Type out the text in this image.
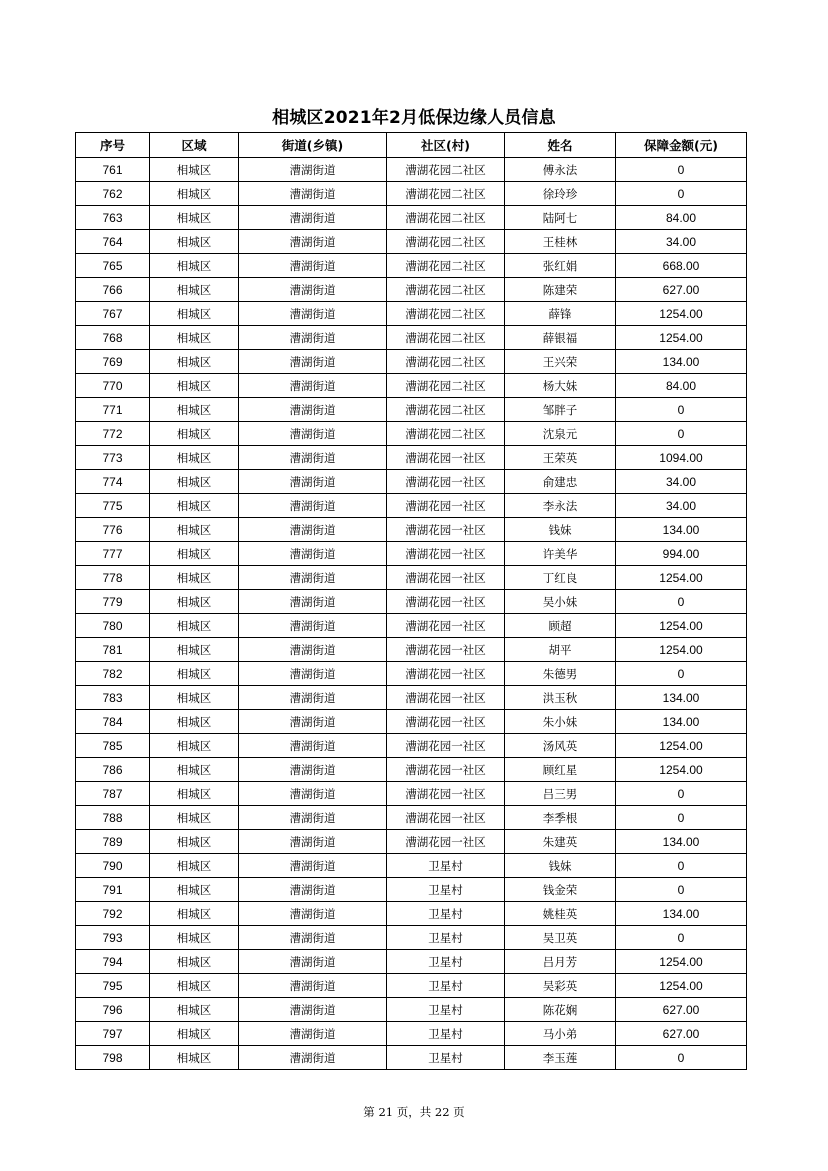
相城区2021年2月低保边缘人员信息
序号	区域	街道(乡镇)	社区(村)	姓名	保障金额(元)
761	相城区	漕湖街道	漕湖花园二社区	傅永法	0
762	相城区	漕湖街道	漕湖花园二社区	徐玲珍	0
763	相城区	漕湖街道	漕湖花园二社区	陆阿七	84.00
764	相城区	漕湖街道	漕湖花园二社区	王桂林	34.00
765	相城区	漕湖街道	漕湖花园二社区	张红娟	668.00
766	相城区	漕湖街道	漕湖花园二社区	陈建荣	627.00
767	相城区	漕湖街道	漕湖花园二社区	薛锋	1254.00
768	相城区	漕湖街道	漕湖花园二社区	薛银福	1254.00
769	相城区	漕湖街道	漕湖花园二社区	王兴荣	134.00
770	相城区	漕湖街道	漕湖花园二社区	杨大妹	84.00
771	相城区	漕湖街道	漕湖花园二社区	邹胖子	0
772	相城区	漕湖街道	漕湖花园二社区	沈泉元	0
773	相城区	漕湖街道	漕湖花园一社区	王荣英	1094.00
774	相城区	漕湖街道	漕湖花园一社区	俞建忠	34.00
775	相城区	漕湖街道	漕湖花园一社区	李永法	34.00
776	相城区	漕湖街道	漕湖花园一社区	钱妹	134.00
777	相城区	漕湖街道	漕湖花园一社区	许美华	994.00
778	相城区	漕湖街道	漕湖花园一社区	丁红良	1254.00
779	相城区	漕湖街道	漕湖花园一社区	吴小妹	0
780	相城区	漕湖街道	漕湖花园一社区	顾超	1254.00
781	相城区	漕湖街道	漕湖花园一社区	胡平	1254.00
782	相城区	漕湖街道	漕湖花园一社区	朱德男	0
783	相城区	漕湖街道	漕湖花园一社区	洪玉秋	134.00
784	相城区	漕湖街道	漕湖花园一社区	朱小妹	134.00
785	相城区	漕湖街道	漕湖花园一社区	汤风英	1254.00
786	相城区	漕湖街道	漕湖花园一社区	顾红星	1254.00
787	相城区	漕湖街道	漕湖花园一社区	吕三男	0
788	相城区	漕湖街道	漕湖花园一社区	李季根	0
789	相城区	漕湖街道	漕湖花园一社区	朱建英	134.00
790	相城区	漕湖街道	卫星村	钱妹	0
791	相城区	漕湖街道	卫星村	钱金荣	0
792	相城区	漕湖街道	卫星村	姚桂英	134.00
793	相城区	漕湖街道	卫星村	吴卫英	0
794	相城区	漕湖街道	卫星村	吕月芳	1254.00
795	相城区	漕湖街道	卫星村	吴彩英	1254.00
796	相城区	漕湖街道	卫星村	陈花娴	627.00
797	相城区	漕湖街道	卫星村	马小弟	627.00
798	相城区	漕湖街道	卫星村	李玉莲	0
第 21 页，共 22 页
